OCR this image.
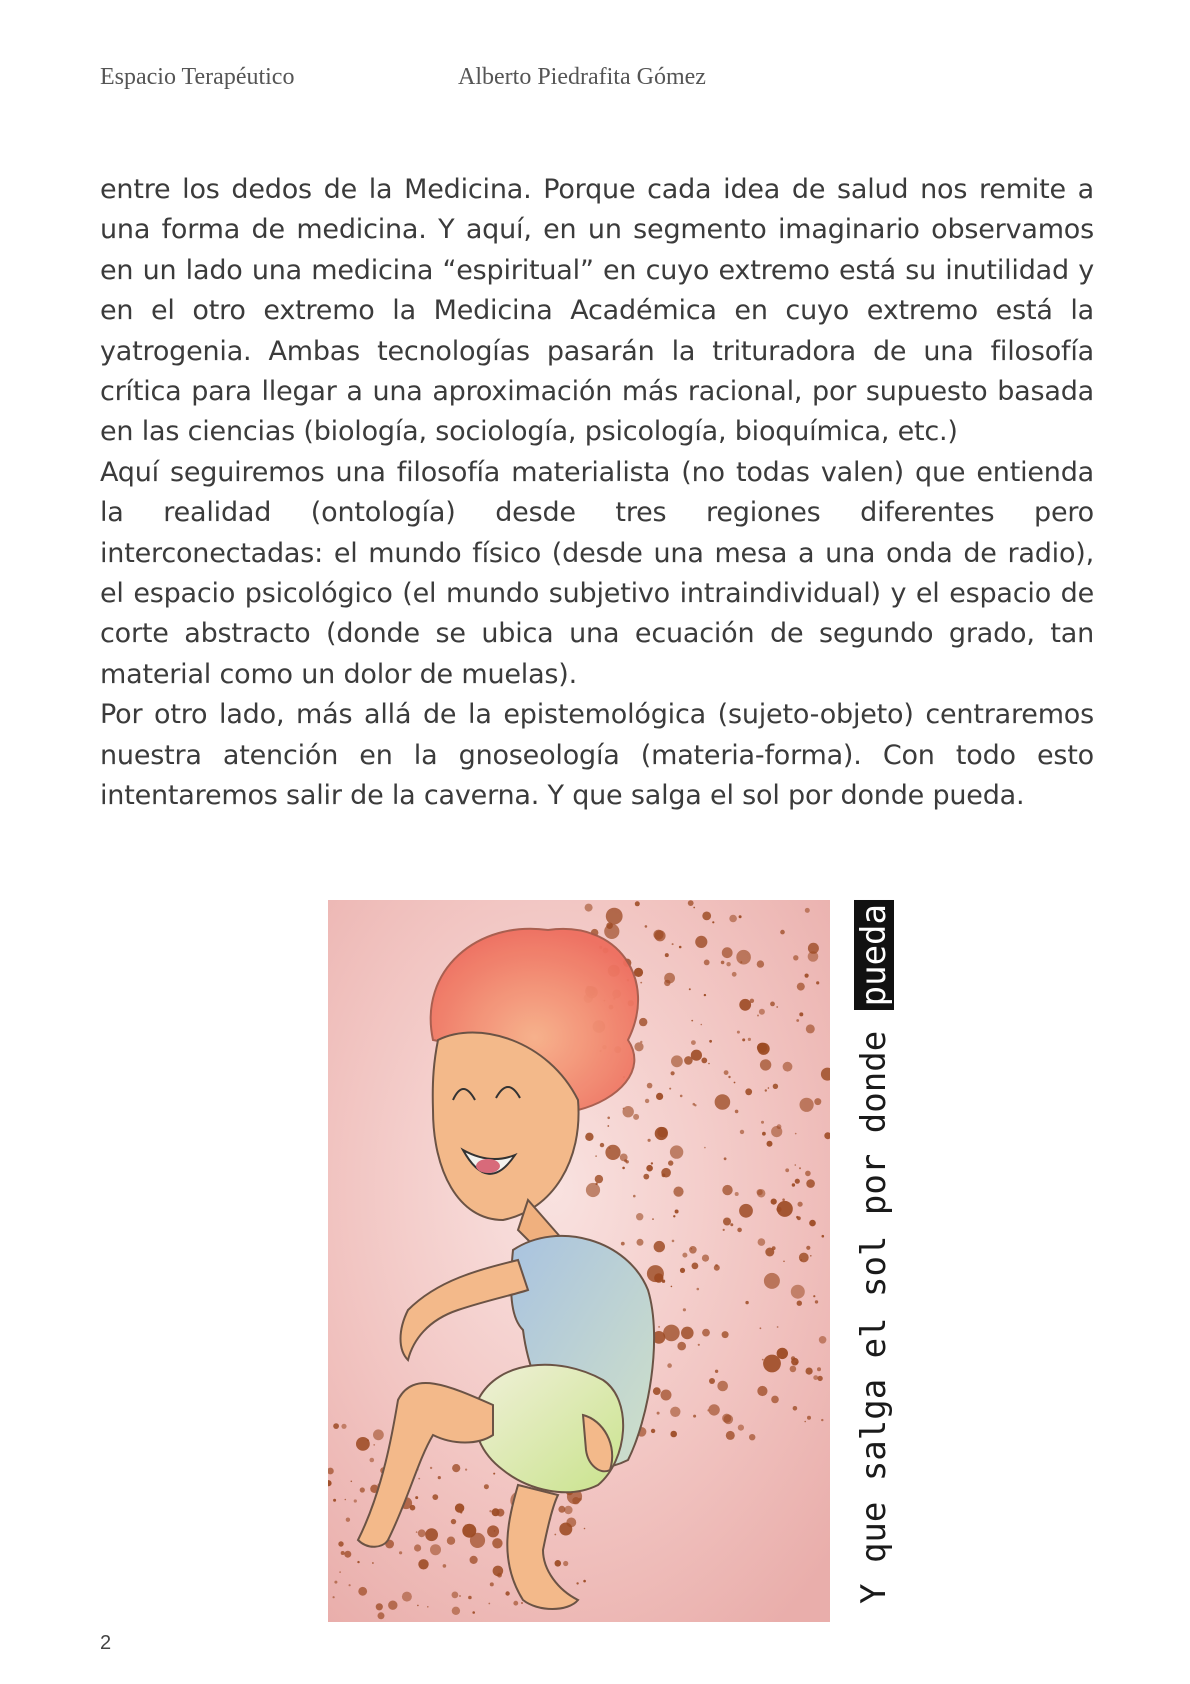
Espacio Terapéutico	Alberto Piedrafita Gómez

entre los dedos de la Medicina. Porque cada idea de salud nos remite a una forma de medicina. Y aquí, en un segmento imaginario observamos en un lado una medicina “espiritual” en cuyo extremo está su inutilidad y en el otro extremo la Medicina Académica en cuyo extremo está la yatrogenia. Ambas tecnologías pasarán la trituradora de una filosofía crítica para llegar a una aproximación más racional, por supuesto basada en las ciencias (biología, sociología, psicología, bioquímica, etc.)

Aquí seguiremos una filosofía materialista (no todas valen) que entienda la realidad (ontología) desde tres regiones diferentes pero interconectadas: el mundo físico (desde una mesa a una onda de radio), el espacio psicológico (el mundo subjetivo intraindividual) y el espacio de corte abstracto (donde se ubica una ecuación de segundo grado, tan material como un dolor de muelas).

Por otro lado, más allá de la epistemológica (sujeto-objeto) centraremos nuestra atención en la gnoseología (materia-forma). Con todo esto intentaremos salir de la caverna. Y que salga el sol por donde pueda.

Y que salga el sol por donde pueda
2
